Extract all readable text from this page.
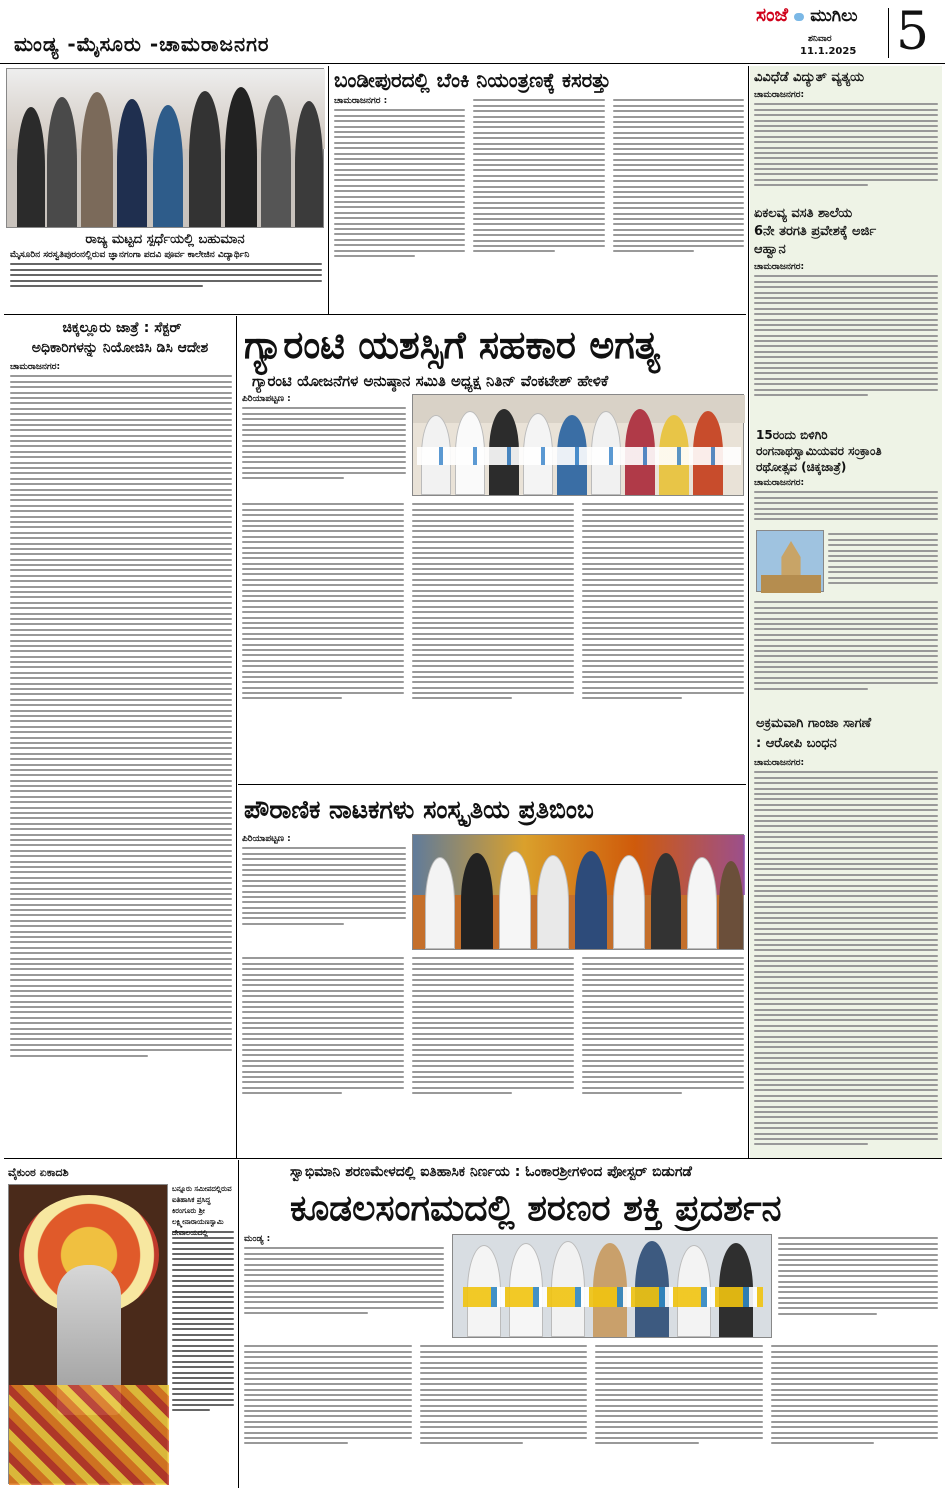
ಮಂಡ್ಯ -ಮೈಸೂರು -ಚಾಮರಾಜನಗರ
ಸಂಜೆ ಮುಗಿಲು
ಶನಿವಾರ
11.1.2025 5
ರಾಜ್ಯ ಮಟ್ಟದ ಸ್ಪರ್ಧೆಯಲ್ಲಿ ಬಹುಮಾನ
ಮೈಸೂರಿನ ಸರಸ್ವತಿಪುರಂನಲ್ಲಿರುವ ಜ್ಞಾನಗಂಗಾ ಪದವಿ ಪೂರ್ವ ಕಾಲೇಜಿನ ವಿದ್ಯಾರ್ಥಿನಿ
ಬಂಡೀಪುರದಲ್ಲಿ ಬೆಂಕಿ ನಿಯಂತ್ರಣಕ್ಕೆ ಕಸರತ್ತು
ಚಾಮರಾಜನಗರ :
ವಿವಿಧೆಡೆ ವಿದ್ಯುತ್ ವ್ಯತ್ಯಯ
ಚಾಮರಾಜನಗರ:
ಏಕಲವ್ಯ ವಸತಿ ಶಾಲೆಯ
6ನೇ ತರಗತಿ ಪ್ರವೇಶಕ್ಕೆ ಅರ್ಜಿ
ಆಹ್ವಾನ
ಚಾಮರಾಜನಗರ:
15ರಂದು ಬಿಳಿಗಿರಿ
ರಂಗನಾಥಸ್ವಾಮಿಯವರ ಸಂಕ್ರಾಂತಿ
ರಥೋತ್ಸವ (ಚಿಕ್ಕಜಾತ್ರೆ)
ಚಾಮರಾಜನಗರ:
ಅಕ್ರಮವಾಗಿ ಗಾಂಜಾ ಸಾಗಣೆ
: ಆರೋಪಿ ಬಂಧನ
ಚಾಮರಾಜನಗರ:
ಚಿಕ್ಕಲ್ಲೂರು ಜಾತ್ರೆ : ಸೆಕ್ಟರ್
ಅಧಿಕಾರಿಗಳನ್ನು ನಿಯೋಜಿಸಿ ಡಿಸಿ ಆದೇಶ
ಚಾಮರಾಜನಗರ:	ಗ್ಯಾರಂಟಿ ಯಶಸ್ಸಿಗೆ ಸಹಕಾರ ಅಗತ್ಯ
ಗ್ಯಾರಂಟಿ ಯೋಜನೆಗಳ ಅನುಷ್ಠಾನ ಸಮಿತಿ ಅಧ್ಯಕ್ಷ ನಿತಿನ್ ವೆಂಕಟೇಶ್ ಹೇಳಿಕೆ
ಪಿರಿಯಾಪಟ್ಟಣ :
ಪೌರಾಣಿಕ ನಾಟಕಗಳು ಸಂಸ್ಕೃತಿಯ ಪ್ರತಿಬಿಂಬ
ಪಿರಿಯಾಪಟ್ಟಣ :
ವೈಕುಂಠ ಏಕಾದಶಿ
ಬನ್ನೂರು ಸಮೀಪದಲ್ಲಿರುವ ಐತಿಹಾಸಿಕ ಪ್ರಸಿದ್ಧ ಕಿರಂಗೂರು ಶ್ರೀ ಲಕ್ಷ್ಮೀನಾರಾಯಣಸ್ವಾಮಿ ದೇವಾಲಯದಲ್ಲಿ
ಸ್ವಾಭಿಮಾನಿ ಶರಣಮೇಳದಲ್ಲಿ ಐತಿಹಾಸಿಕ ನಿರ್ಣಯ : ಓಂಕಾರಶ್ರೀಗಳಿಂದ ಪೋಸ್ಟರ್ ಬಿಡುಗಡೆ
ಕೂಡಲಸಂಗಮದಲ್ಲಿ ಶರಣರ ಶಕ್ತಿ ಪ್ರದರ್ಶನ
ಮಂಡ್ಯ :
